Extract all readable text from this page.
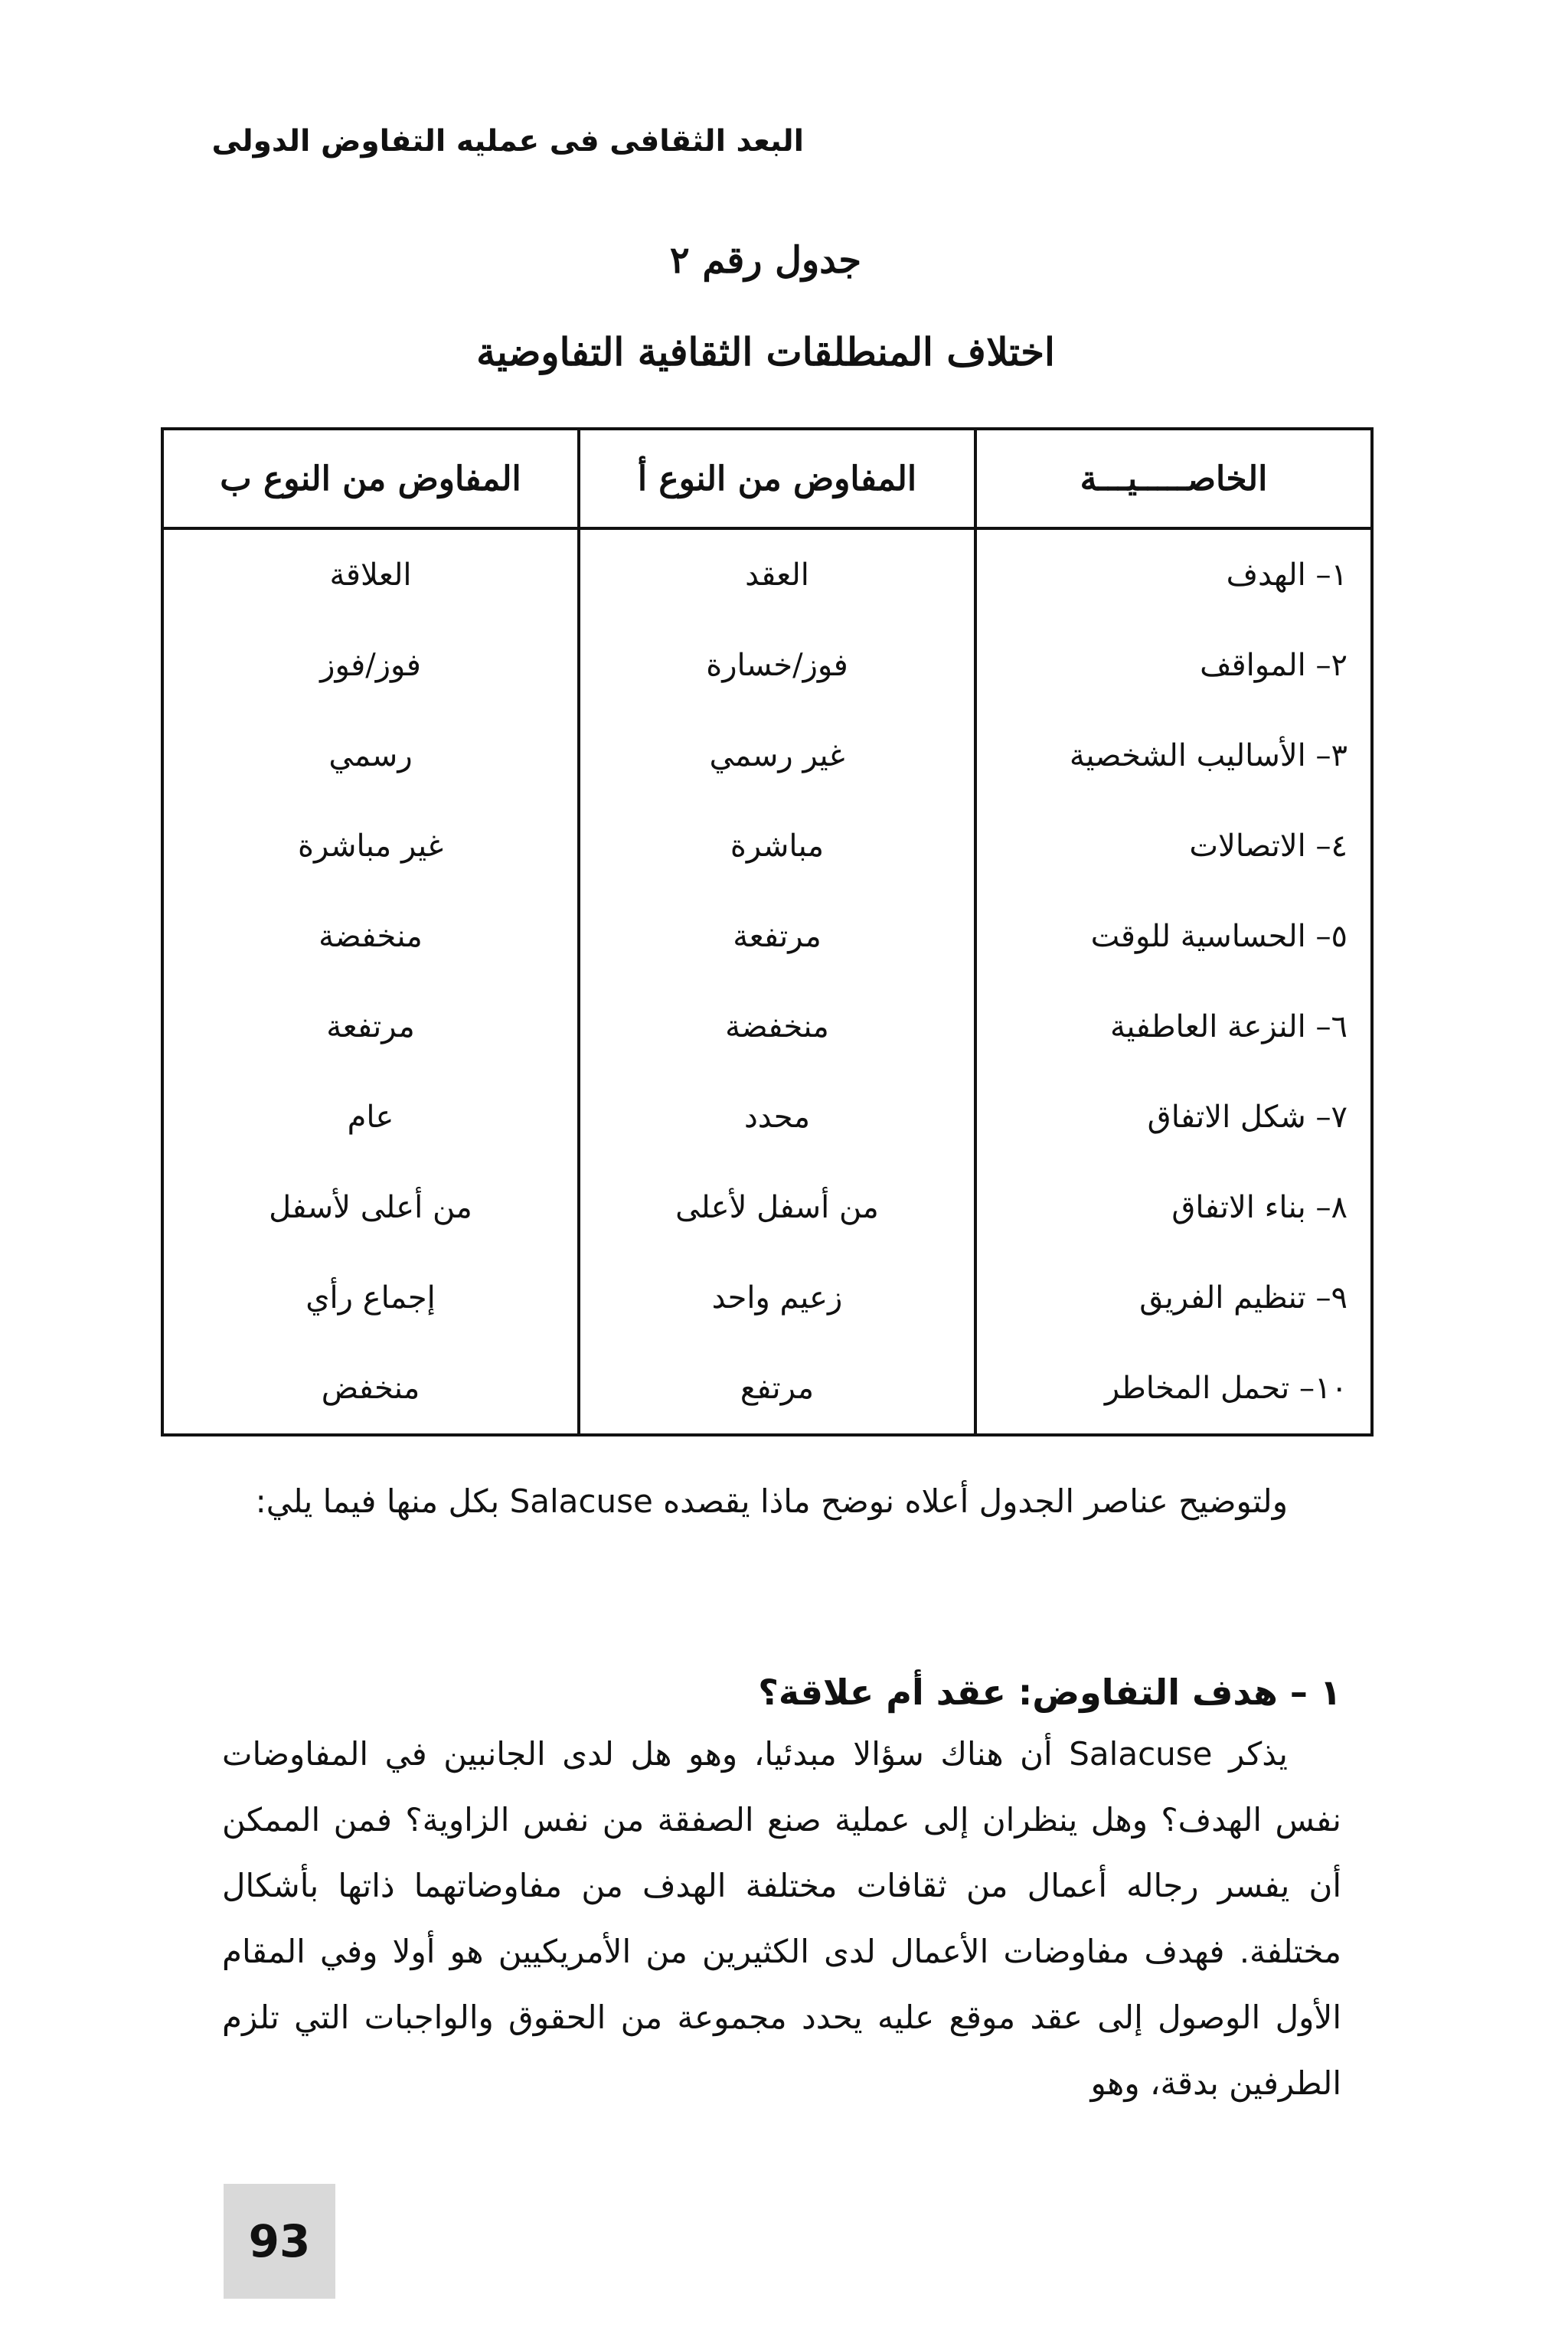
البعد الثقافى فى عمليه التفاوض الدولى
جدول رقم ٢
اختلاف المنطلقات الثقافية التفاوضية
الخاصـــــيـــة	المفاوض من النوع أ	المفاوض من النوع ب
١– الهدف	العقد	العلاقة
٢– المواقف	فوز/خسارة	فوز/فوز
٣– الأساليب الشخصية	غير رسمي	رسمي
٤– الاتصالات	مباشرة	غير مباشرة
٥– الحساسية للوقت	مرتفعة	منخفضة
٦– النزعة العاطفية	منخفضة	مرتفعة
٧– شكل الاتفاق	محدد	عام
٨– بناء الاتفاق	من أسفل لأعلى	من أعلى لأسفل
٩– تنظيم الفريق	زعيم واحد	إجماع رأي
١٠– تحمل المخاطر	مرتفع	منخفض

ولتوضيح عناصر الجدول أعلاه نوضح ماذا يقصده Salacuse بكل منها فيما يلي:

١ – هدف التفاوض: عقد أم علاقة؟

يذكر Salacuse أن هناك سؤالا مبدئيا، وهو هل لدى الجانبين في المفاوضات نفس الهدف؟ وهل ينظران إلى عملية صنع الصفقة من نفس الزاوية؟ فمن الممكن أن يفسر رجاله أعمال من ثقافات مختلفة الهدف من مفاوضاتهما ذاتها بأشكال مختلفة. فهدف مفاوضات الأعمال لدى الكثيرين من الأمريكيين هو أولا وفي المقام الأول الوصول إلى عقد موقع عليه يحدد مجموعة من الحقوق والواجبات التي تلزم الطرفين بدقة، وهو

93
